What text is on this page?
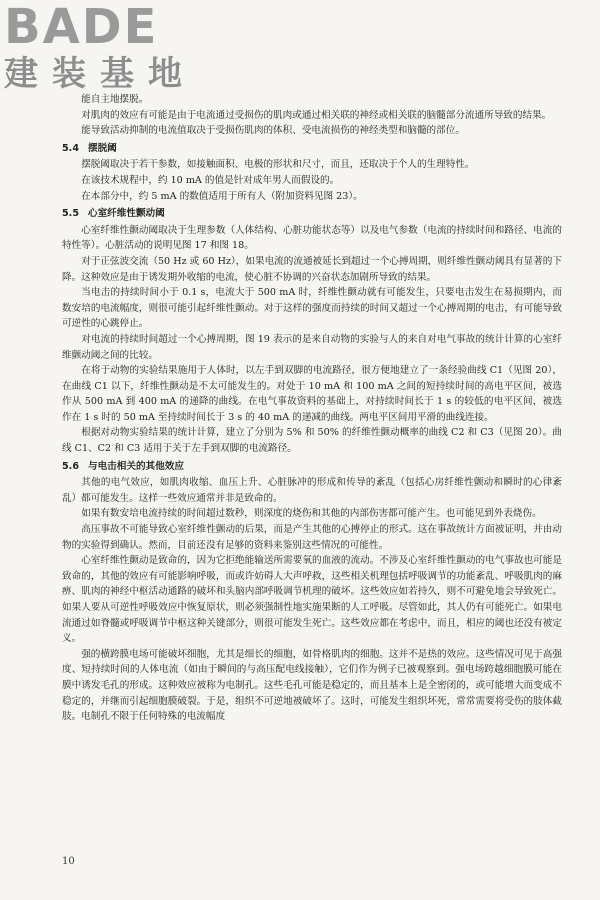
BADE
建装基地

能自主地摆脱。

对肌肉的效应有可能是由于电流通过受损伤的肌肉或通过相关联的神经或相关联的脑髓部分流通所导致的结果。

能导致活动抑制的电流值取决于受损伤肌肉的体积、受电流损伤的神经类型和脑髓的部位。

5.4 摆脱阈

摆脱阈取决于若干参数，如接触面积、电极的形状和尺寸，而且，还取决于个人的生理特性。

在该技术规程中，约 10 mA 的值是针对成年男人而假设的。

在本部分中，约 5 mA 的数值适用于所有人（附加资料见图 23）。

5.5 心室纤维性颤动阈

心室纤维性颤动阈取决于生理参数（人体结构、心脏功能状态等）以及电气参数（电流的持续时间和路径、电流的特性等）。心脏活动的说明见图 17 和图 18。

对于正弦波交流（50 Hz 或 60 Hz），如果电流的流通被延长到超过一个心搏周期，则纤维性颤动阈具有显著的下降。这种效应是由于诱发期外收缩的电流，使心脏不协调的兴奋状态加剧所导致的结果。

当电击的持续时间小于 0.1 s，电流大于 500 mA 时，纤维性颤动就有可能发生，只要电击发生在易损期内，而数安培的电流幅度，则很可能引起纤维性颤动。对于这样的强度而持续的时间又超过一个心搏周期的电击，有可能导致可逆性的心跳停止。

对电流的持续时间超过一个心搏周期，图 19 表示的是来自动物的实验与人的来自对电气事故的统计计算的心室纤维颤动阈之间的比较。

在将于动物的实验结果施用于人体时，以左手到双脚的电流路径，很方便地建立了一条经验曲线 C1（见图 20），在曲线 C1 以下，纤维性颤动是不太可能发生的。对处于 10 mA 和 100 mA 之间的短持续时间的高电平区间，被选作从 500 mA 到 400 mA 的递降的曲线。在电气事故资料的基础上，对持续时间长于 1 s 的较低的电平区间，被选作在 1 s 时的 50 mA 至持续时间长于 3 s 的 40 mA 的递减的曲线。两电平区间用平滑的曲线连接。

根据对动物实验结果的统计计算，建立了分别为 5% 和 50% 的纤维性颤动概率的曲线 C2 和 C3（见图 20）。曲线 C1、C2 和 C3 适用于关于左手到双脚的电流路径。

5.6 与电击相关的其他效应

其他的电气效应，如肌肉收缩、血压上升、心脏脉冲的形成和传导的紊乱（包括心房纤维性颤动和瞬时的心律紊乱）都可能发生。这样一些效应通常并非是致命的。

如果有数安培电流持续的时间超过数秒，则深度的烧伤和其他的内部伤害都可能产生。也可能见到外表烧伤。

高压事故不可能导致心室纤维性颤动的后果，而是产生其他的心搏停止的形式。这在事故统计方面被证明，并由动物的实验得到确认。然而，目前还没有足够的资料来鉴别这些情况的可能性。

心室纤维性颤动是致命的，因为它拒绝能输送所需要氧的血液的流动。不涉及心室纤维性颤动的电气事故也可能是致命的，其他的效应有可能影响呼吸，而或许妨碍人大声呼救，这些相关机理包括呼吸调节的功能紊乱、呼吸肌肉的麻痹、肌肉的神经中枢活动通路的破坏和头脑内部呼吸调节机理的破坏。这些效应如若持久，则不可避免地会导致死亡。如果人要从可逆性呼吸效应中恢复原状，则必须强制性地实施果断的人工呼吸。尽管如此，其人仍有可能死亡。如果电流通过如脊髓或呼吸调节中枢这种关键部分，则很可能发生死亡。这些效应都在考虑中，而且，相应的阈也还没有被定义。

强的横跨膜电场可能破坏细胞，尤其是细长的细胞，如骨格肌肉的细胞。这并不是热的效应。这些情况可见于高强度、短持续时间的人体电流（如由于瞬间的与高压配电线接触），它们作为例子已被观察到。强电场跨越细胞膜可能在膜中诱发毛孔的形成。这种效应被称为电制孔。这些毛孔可能是稳定的，而且基本上是全密闭的，或可能增大而变成不稳定的，并继而引起细胞膜破裂。于是，组织不可逆地被破坏了。这时，可能发生组织坏死，常常需要将受伤的肢体截肢。电制孔不限于任何特殊的电流幅度

10
